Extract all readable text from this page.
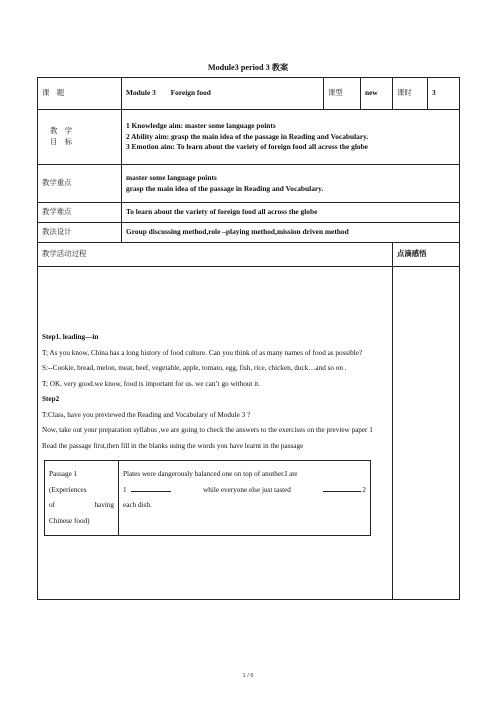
Module3 period 3 教案
课　题	Module 3 Foreign food	课型	new	课时	3

教　学
目　标

1 Knowledge aim: master some language points
2 Ability aim: grasp the main idea of the passage in Reading and Vocabulary.
3 Emotion aim: To learn about the variety of foreign food all across the globe

教学重点	
master some language points
grasp the main idea of the passage in Reading and Vocabulary.

教学难点	To learn about the variety of foreign food all across the globe
教法设计	Group discussing method,role –playing method,mission driven method
教学活动过程	点滴感悟

Step1. leading—in

T; As you know, China has a long history of food culture. Can you think of as many names of food as possible?

S:--Cookie, bread, melon, meat, beef, vegetable, apple, tomato, egg, fish, rice, chicken, duck…and so on .

T; OK, very good.we know, food is important for us. we can’t go without it.

Step2

T:Class, have you previewed the Reading and Vocabulary of Module 3 ?

Now, take out your preparation syllabus ,we are going to check the answers to the exercises on the preview paper 1

Read the passage first,then fill in the blanks using the words you have learnt in the passage

Passage 1
(Experiences
of	having
Chinese food)

Plates were dangerously balanced one on top of another.I ate
1	while everyone else just tasted	2
each dish.

1 / 6
